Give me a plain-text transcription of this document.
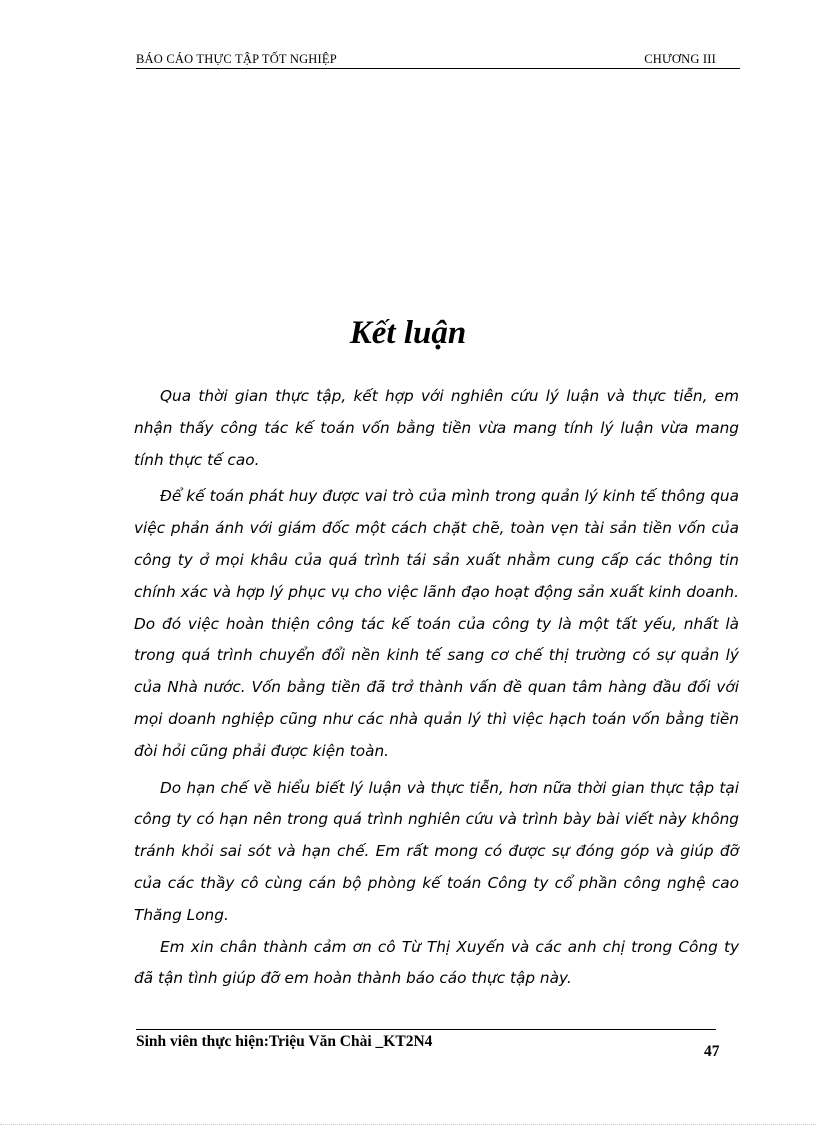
BÁO CÁO THỰC TẬP TỐT NGHIỆP	CHƯƠNG III
Kết luận

Qua thời gian thực tập, kết hợp với nghiên cứu lý luận và thực tiễn, em nhận thấy công tác kế toán vốn bằng tiền vừa mang tính lý luận vừa mang tính thực tế cao.

Để kế toán phát huy được vai trò của mình trong quản lý kinh tế thông qua việc phản ánh với giám đốc một cách chặt chẽ, toàn vẹn tài sản tiền vốn của công ty ở mọi khâu của quá trình tái sản xuất nhằm cung cấp các thông tin chính xác và hợp lý phục vụ cho việc lãnh đạo hoạt động sản xuất kinh doanh. Do đó việc hoàn thiện công tác kế toán của công ty là một tất yếu, nhất là trong quá trình chuyển đổi nền kinh tế sang cơ chế thị trường có sự quản lý của Nhà nước. Vốn bằng tiền đã trở thành vấn đề quan tâm hàng đầu đối với mọi doanh nghiệp cũng như các nhà quản lý thì việc hạch toán vốn bằng tiền đòi hỏi cũng phải được kiện toàn.

Do hạn chế về hiểu biết lý luận và thực tiễn, hơn nữa thời gian thực tập tại công ty có hạn nên trong quá trình nghiên cứu và trình bày bài viết này không tránh khỏi sai sót và hạn chế. Em rất mong có được sự đóng góp và giúp đỡ của các thầy cô cùng cán bộ phòng kế toán Công ty cổ phần công nghệ cao Thăng Long.

Em xin chân thành cảm ơn cô Từ Thị Xuyến và các anh chị trong Công ty đã tận tình giúp đỡ em hoàn thành báo cáo thực tập này.

Sinh viên thực hiện:Triệu Văn Chài _KT2N4
47
